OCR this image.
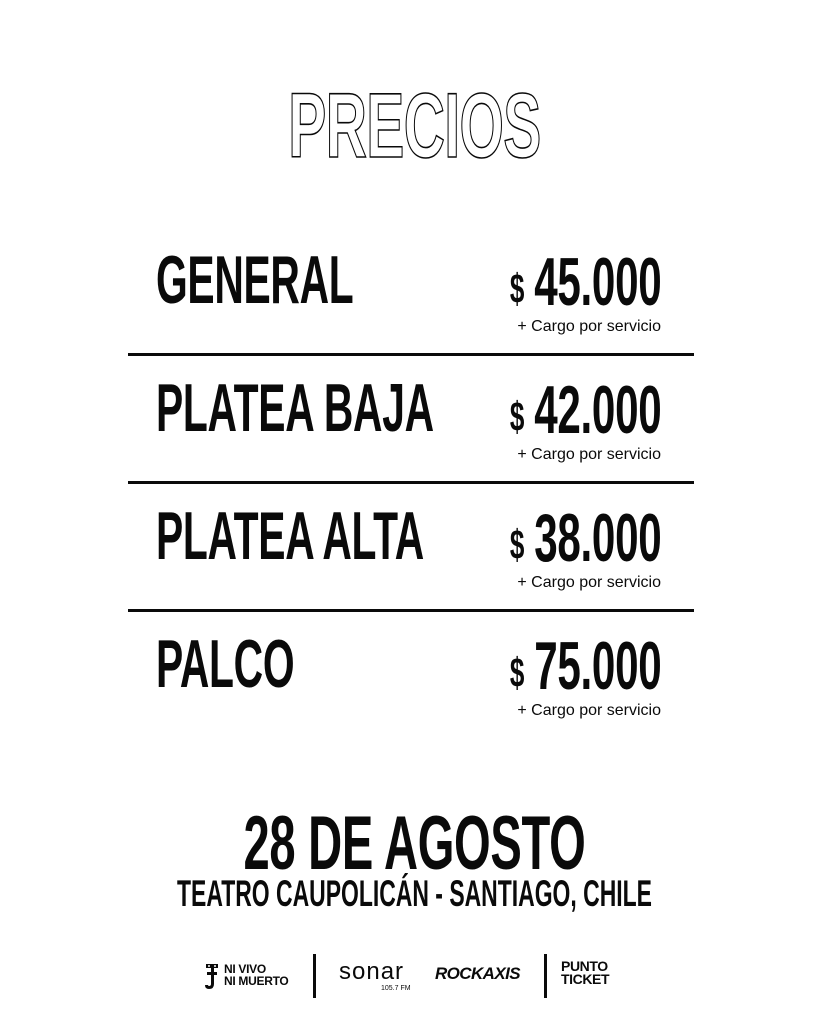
PRECIOS
GENERAL	$ 45.000
+ Cargo por servicio
PLATEA BAJA $ 42.000
+ Cargo por servicio
PLATEA ALTA $ 38.000
+ Cargo por servicio
PALCO	$ 75.000
+ Cargo por servicio
28 DE AGOSTO
TEATRO CAUPOLICÁN - SANTIAGO, CHILE
NI VIVO
NI MUERTO sonar
105.7 FM
ROCKAXIS	PUNTO
TICKET
